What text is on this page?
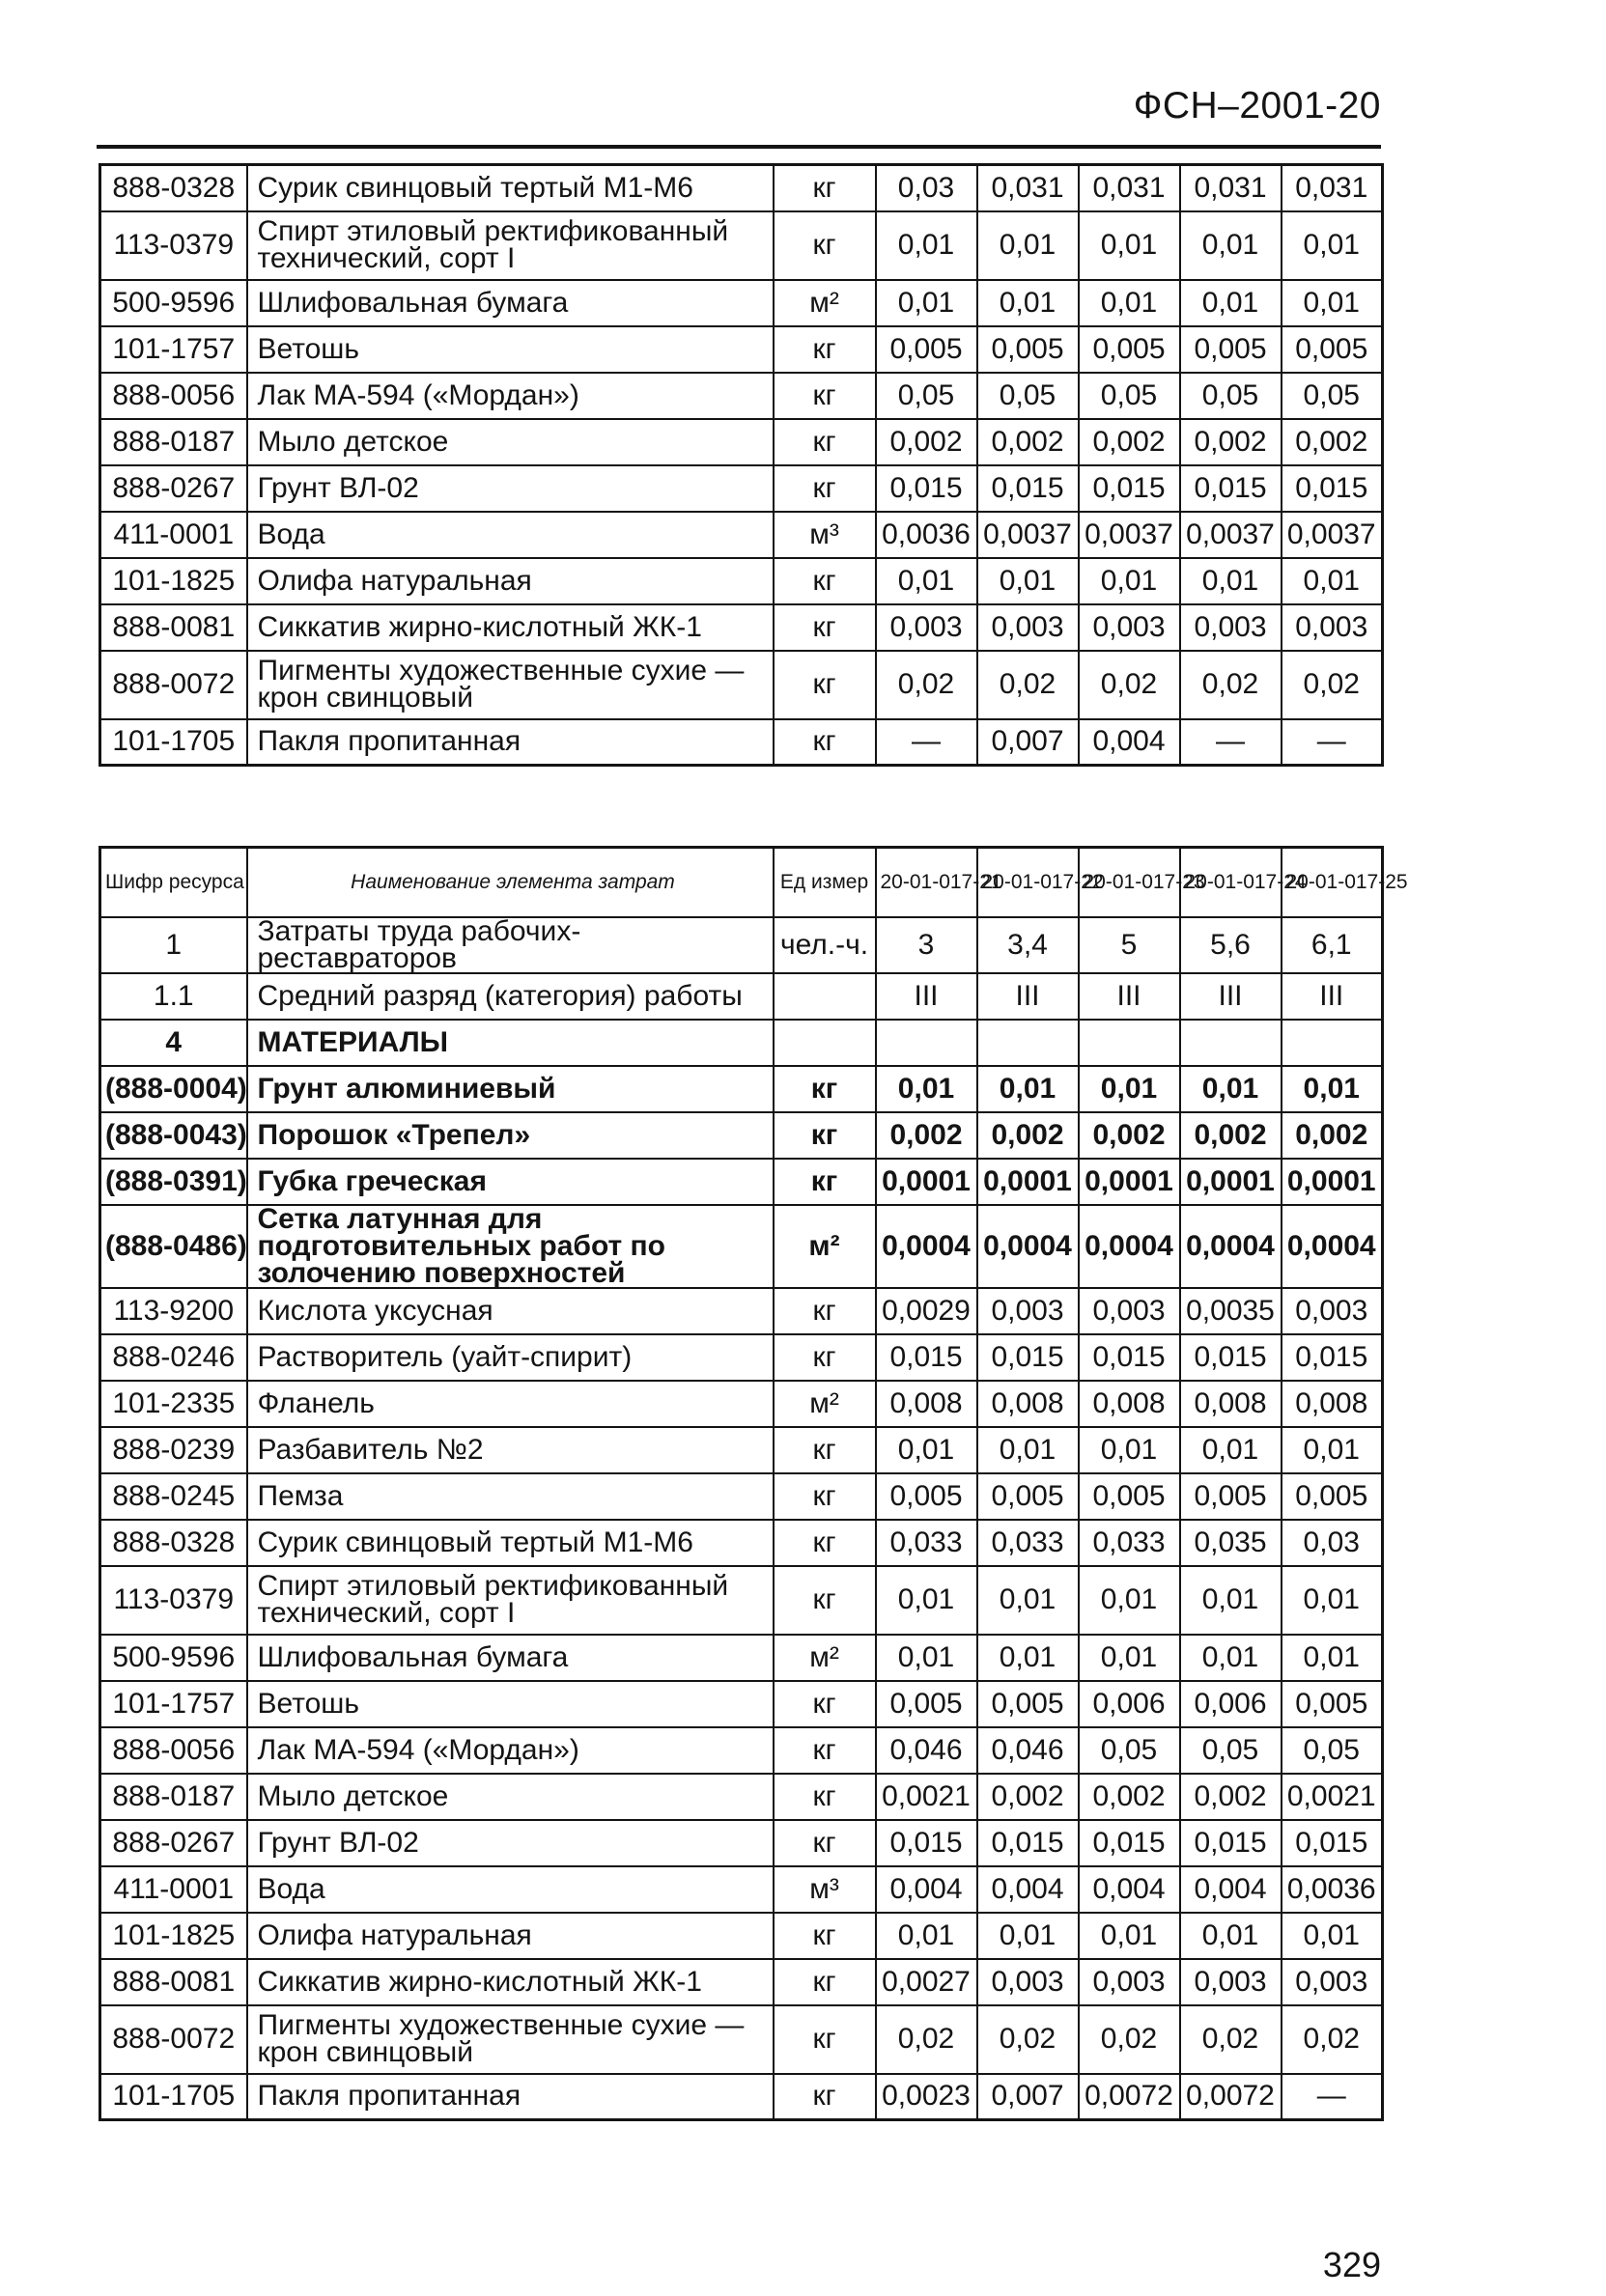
ФСН–2001-20
888-0328	Сурик свинцовый тертый М1-М6	кг	0,03	0,031	0,031	0,031	0,031
113-0379	Спирт этиловый ректификованный технический, сорт I	кг	0,01	0,01	0,01	0,01	0,01
500-9596	Шлифовальная бумага	м²	0,01	0,01	0,01	0,01	0,01
101-1757	Ветошь	кг	0,005	0,005	0,005	0,005	0,005
888-0056	Лак МА-594 («Мордан»)	кг	0,05	0,05	0,05	0,05	0,05
888-0187	Мыло детское	кг	0,002	0,002	0,002	0,002	0,002
888-0267	Грунт ВЛ-02	кг	0,015	0,015	0,015	0,015	0,015
411-0001	Вода	м³	0,0036	0,0037	0,0037	0,0037	0,0037
101-1825	Олифа натуральная	кг	0,01	0,01	0,01	0,01	0,01
888-0081	Сиккатив жирно-кислотный ЖК-1	кг	0,003	0,003	0,003	0,003	0,003
888-0072	Пигменты художественные сухие — крон свинцовый	кг	0,02	0,02	0,02	0,02	0,02
101-1705	Пакля пропитанная	кг	—	0,007	0,004	—	—
Шифр ресурса	Наименование элемента затрат	Ед измер	20-01-017-21	20-01-017-22	20-01-017-23	20-01-017-24	20-01-017-25
1	Затраты труда рабочих-реставраторов	чел.-ч.	3	3,4	5	5,6	6,1
1.1	Средний разряд (категория) работы		III	III	III	III	III
4	МАТЕРИАЛЫ						
(888-0004)	Грунт алюминиевый	кг	0,01	0,01	0,01	0,01	0,01
(888-0043)	Порошок «Трепел»	кг	0,002	0,002	0,002	0,002	0,002
(888-0391)	Губка греческая	кг	0,0001	0,0001	0,0001	0,0001	0,0001
(888-0486)	Сетка латунная для подготовительных работ по золочению поверхностей	м²	0,0004	0,0004	0,0004	0,0004	0,0004
113-9200	Кислота уксусная	кг	0,0029	0,003	0,003	0,0035	0,003
888-0246	Растворитель (уайт-спирит)	кг	0,015	0,015	0,015	0,015	0,015
101-2335	Фланель	м²	0,008	0,008	0,008	0,008	0,008
888-0239	Разбавитель №2	кг	0,01	0,01	0,01	0,01	0,01
888-0245	Пемза	кг	0,005	0,005	0,005	0,005	0,005
888-0328	Сурик свинцовый тертый М1-М6	кг	0,033	0,033	0,033	0,035	0,03
113-0379	Спирт этиловый ректификованный технический, сорт I	кг	0,01	0,01	0,01	0,01	0,01
500-9596	Шлифовальная бумага	м²	0,01	0,01	0,01	0,01	0,01
101-1757	Ветошь	кг	0,005	0,005	0,006	0,006	0,005
888-0056	Лак МА-594 («Мордан»)	кг	0,046	0,046	0,05	0,05	0,05
888-0187	Мыло детское	кг	0,0021	0,002	0,002	0,002	0,0021
888-0267	Грунт ВЛ-02	кг	0,015	0,015	0,015	0,015	0,015
411-0001	Вода	м³	0,004	0,004	0,004	0,004	0,0036
101-1825	Олифа натуральная	кг	0,01	0,01	0,01	0,01	0,01
888-0081	Сиккатив жирно-кислотный ЖК-1	кг	0,0027	0,003	0,003	0,003	0,003
888-0072	Пигменты художественные сухие — крон свинцовый	кг	0,02	0,02	0,02	0,02	0,02
101-1705	Пакля пропитанная	кг	0,0023	0,007	0,0072	0,0072	—
329
